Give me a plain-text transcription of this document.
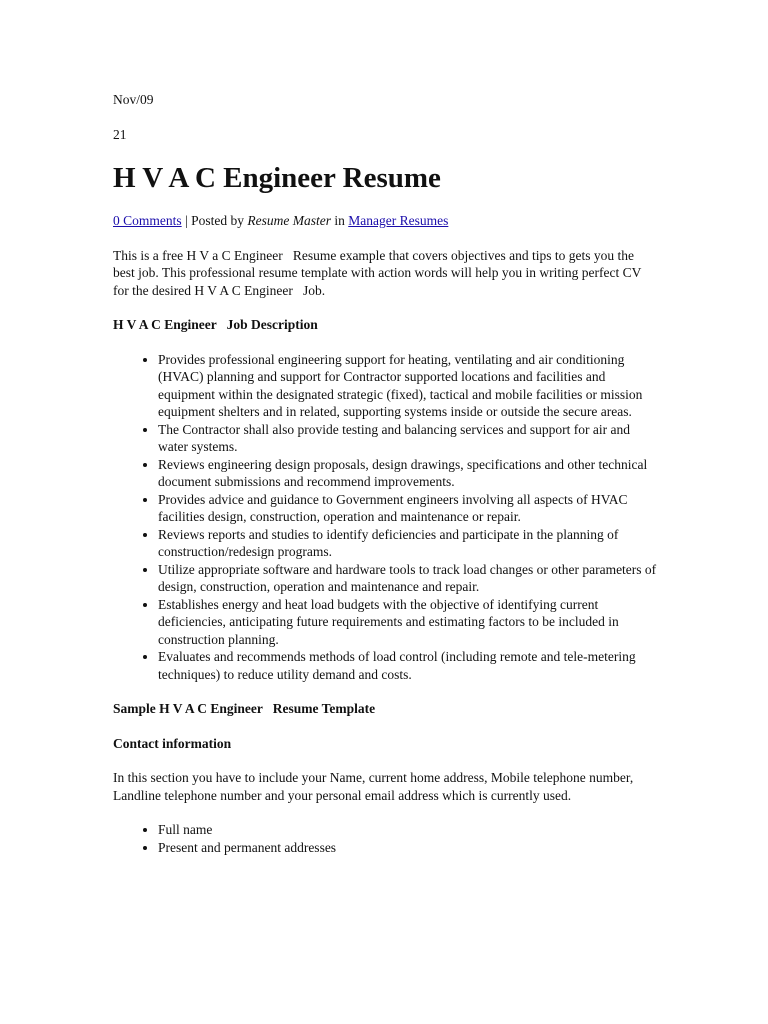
Nov/09
21
H V A C Engineer Resume
0 Comments | Posted by Resume Master in Manager Resumes

This is a free H V a C Engineer   Resume example that covers objectives and tips to gets you the best job. This professional resume template with action words will help you in writing perfect CV for the desired H V A C Engineer   Job.

H V A C Engineer   Job Description
• Provides professional engineering support for heating, ventilating and air conditioning (HVAC) planning and support for Contractor supported locations and facilities and equipment within the designated strategic (fixed), tactical and mobile facilities or mission equipment shelters and in related, supporting systems inside or outside the secure areas.
• The Contractor shall also provide testing and balancing services and support for air and water systems.
• Reviews engineering design proposals, design drawings, specifications and other technical document submissions and recommend improvements.
• Provides advice and guidance to Government engineers involving all aspects of HVAC facilities design, construction, operation and maintenance or repair.
• Reviews reports and studies to identify deficiencies and participate in the planning of construction/redesign programs.
• Utilize appropriate software and hardware tools to track load changes or other parameters of design, construction, operation and maintenance and repair.
• Establishes energy and heat load budgets with the objective of identifying current deficiencies, anticipating future requirements and estimating factors to be included in construction planning.
• Evaluates and recommends methods of load control (including remote and tele-metering techniques) to reduce utility demand and costs.
Sample H V A C Engineer   Resume Template
Contact information

In this section you have to include your Name, current home address, Mobile telephone number, Landline telephone number and your personal email address which is currently used.

• Full name
• Present and permanent addresses
